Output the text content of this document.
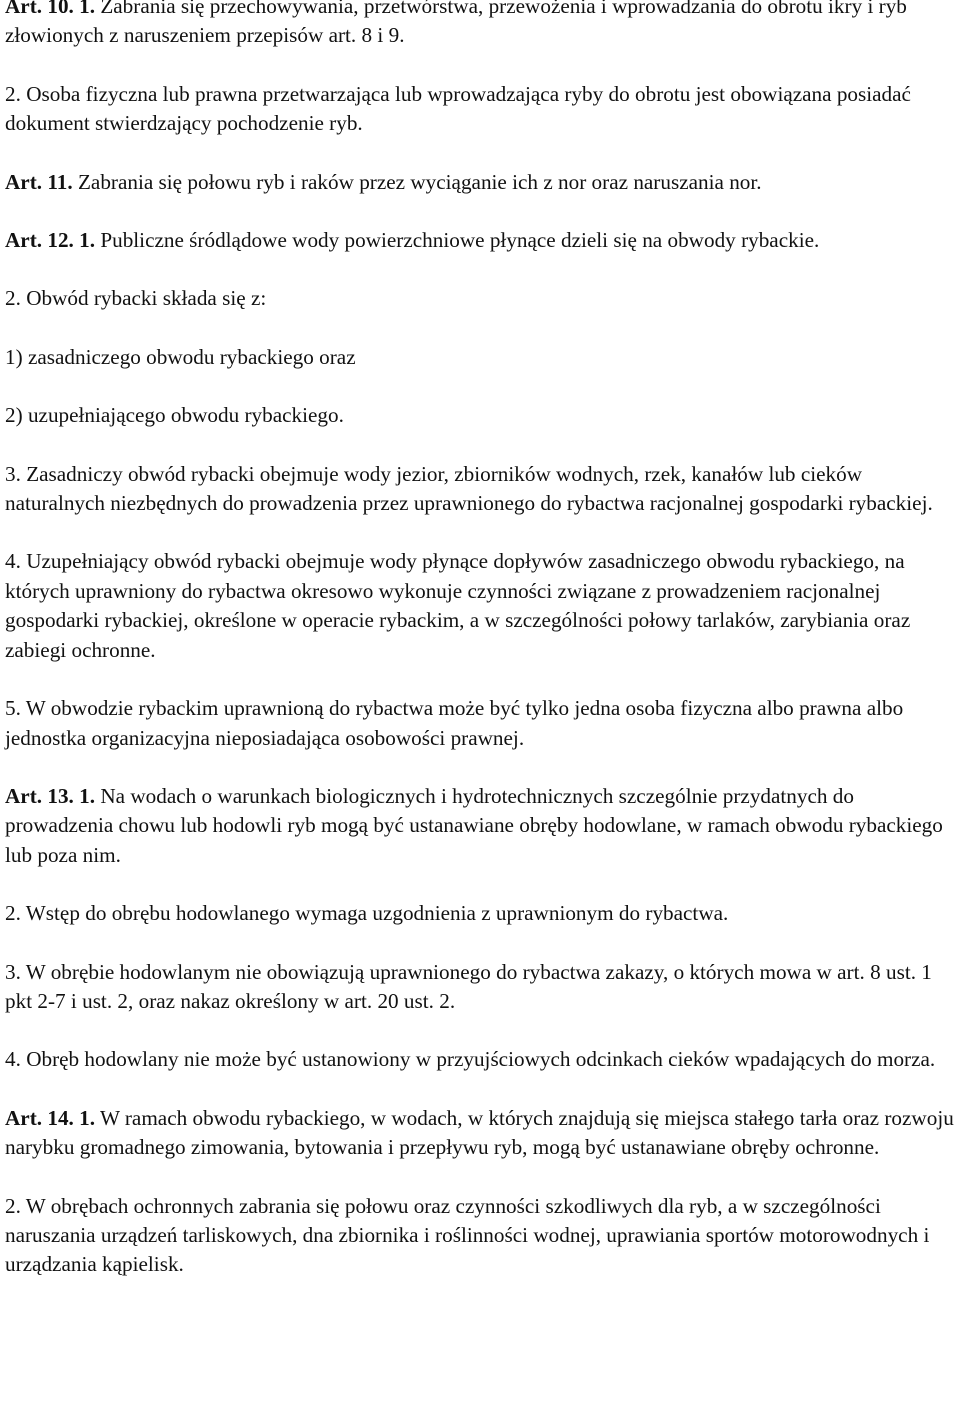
Art. 10. 1. Zabrania się przechowywania, przetwórstwa, przewożenia i wprowadzania do obrotu ikry i ryb złowionych z naruszeniem przepisów art. 8 i 9.

2. Osoba fizyczna lub prawna przetwarzająca lub wprowadzająca ryby do obrotu jest obowiązana posiadać dokument stwierdzający pochodzenie ryb.

Art. 11. Zabrania się połowu ryb i raków przez wyciąganie ich z nor oraz naruszania nor.

Art. 12. 1. Publiczne śródlądowe wody powierzchniowe płynące dzieli się na obwody rybackie.

2. Obwód rybacki składa się z:

1) zasadniczego obwodu rybackiego oraz

2) uzupełniającego obwodu rybackiego.

3. Zasadniczy obwód rybacki obejmuje wody jezior, zbiorników wodnych, rzek, kanałów lub cieków naturalnych niezbędnych do prowadzenia przez uprawnionego do rybactwa racjonalnej gospodarki rybackiej.

4. Uzupełniający obwód rybacki obejmuje wody płynące dopływów zasadniczego obwodu rybackiego, na których uprawniony do rybactwa okresowo wykonuje czynności związane z prowadzeniem racjonalnej gospodarki rybackiej, określone w operacie rybackim, a w szczególności połowy tarlaków, zarybiania oraz zabiegi ochronne.

5. W obwodzie rybackim uprawnioną do rybactwa może być tylko jedna osoba fizyczna albo prawna albo jednostka organizacyjna nieposiadająca osobowości prawnej.

Art. 13. 1. Na wodach o warunkach biologicznych i hydrotechnicznych szczególnie przydatnych do prowadzenia chowu lub hodowli ryb mogą być ustanawiane obręby hodowlane, w ramach obwodu rybackiego lub poza nim.

2. Wstęp do obrębu hodowlanego wymaga uzgodnienia z uprawnionym do rybactwa.

3. W obrębie hodowlanym nie obowiązują uprawnionego do rybactwa zakazy, o których mowa w art. 8 ust. 1 pkt 2-7 i ust. 2, oraz nakaz określony w art. 20 ust. 2.

4. Obręb hodowlany nie może być ustanowiony w przyujściowych odcinkach cieków wpadających do morza.

Art. 14. 1. W ramach obwodu rybackiego, w wodach, w których znajdują się miejsca stałego tarła oraz rozwoju narybku gromadnego zimowania, bytowania i przepływu ryb, mogą być ustanawiane obręby ochronne.

2. W obrębach ochronnych zabrania się połowu oraz czynności szkodliwych dla ryb, a w szczególności naruszania urządzeń tarliskowych, dna zbiornika i roślinności wodnej, uprawiania sportów motorowodnych i urządzania kąpielisk.
